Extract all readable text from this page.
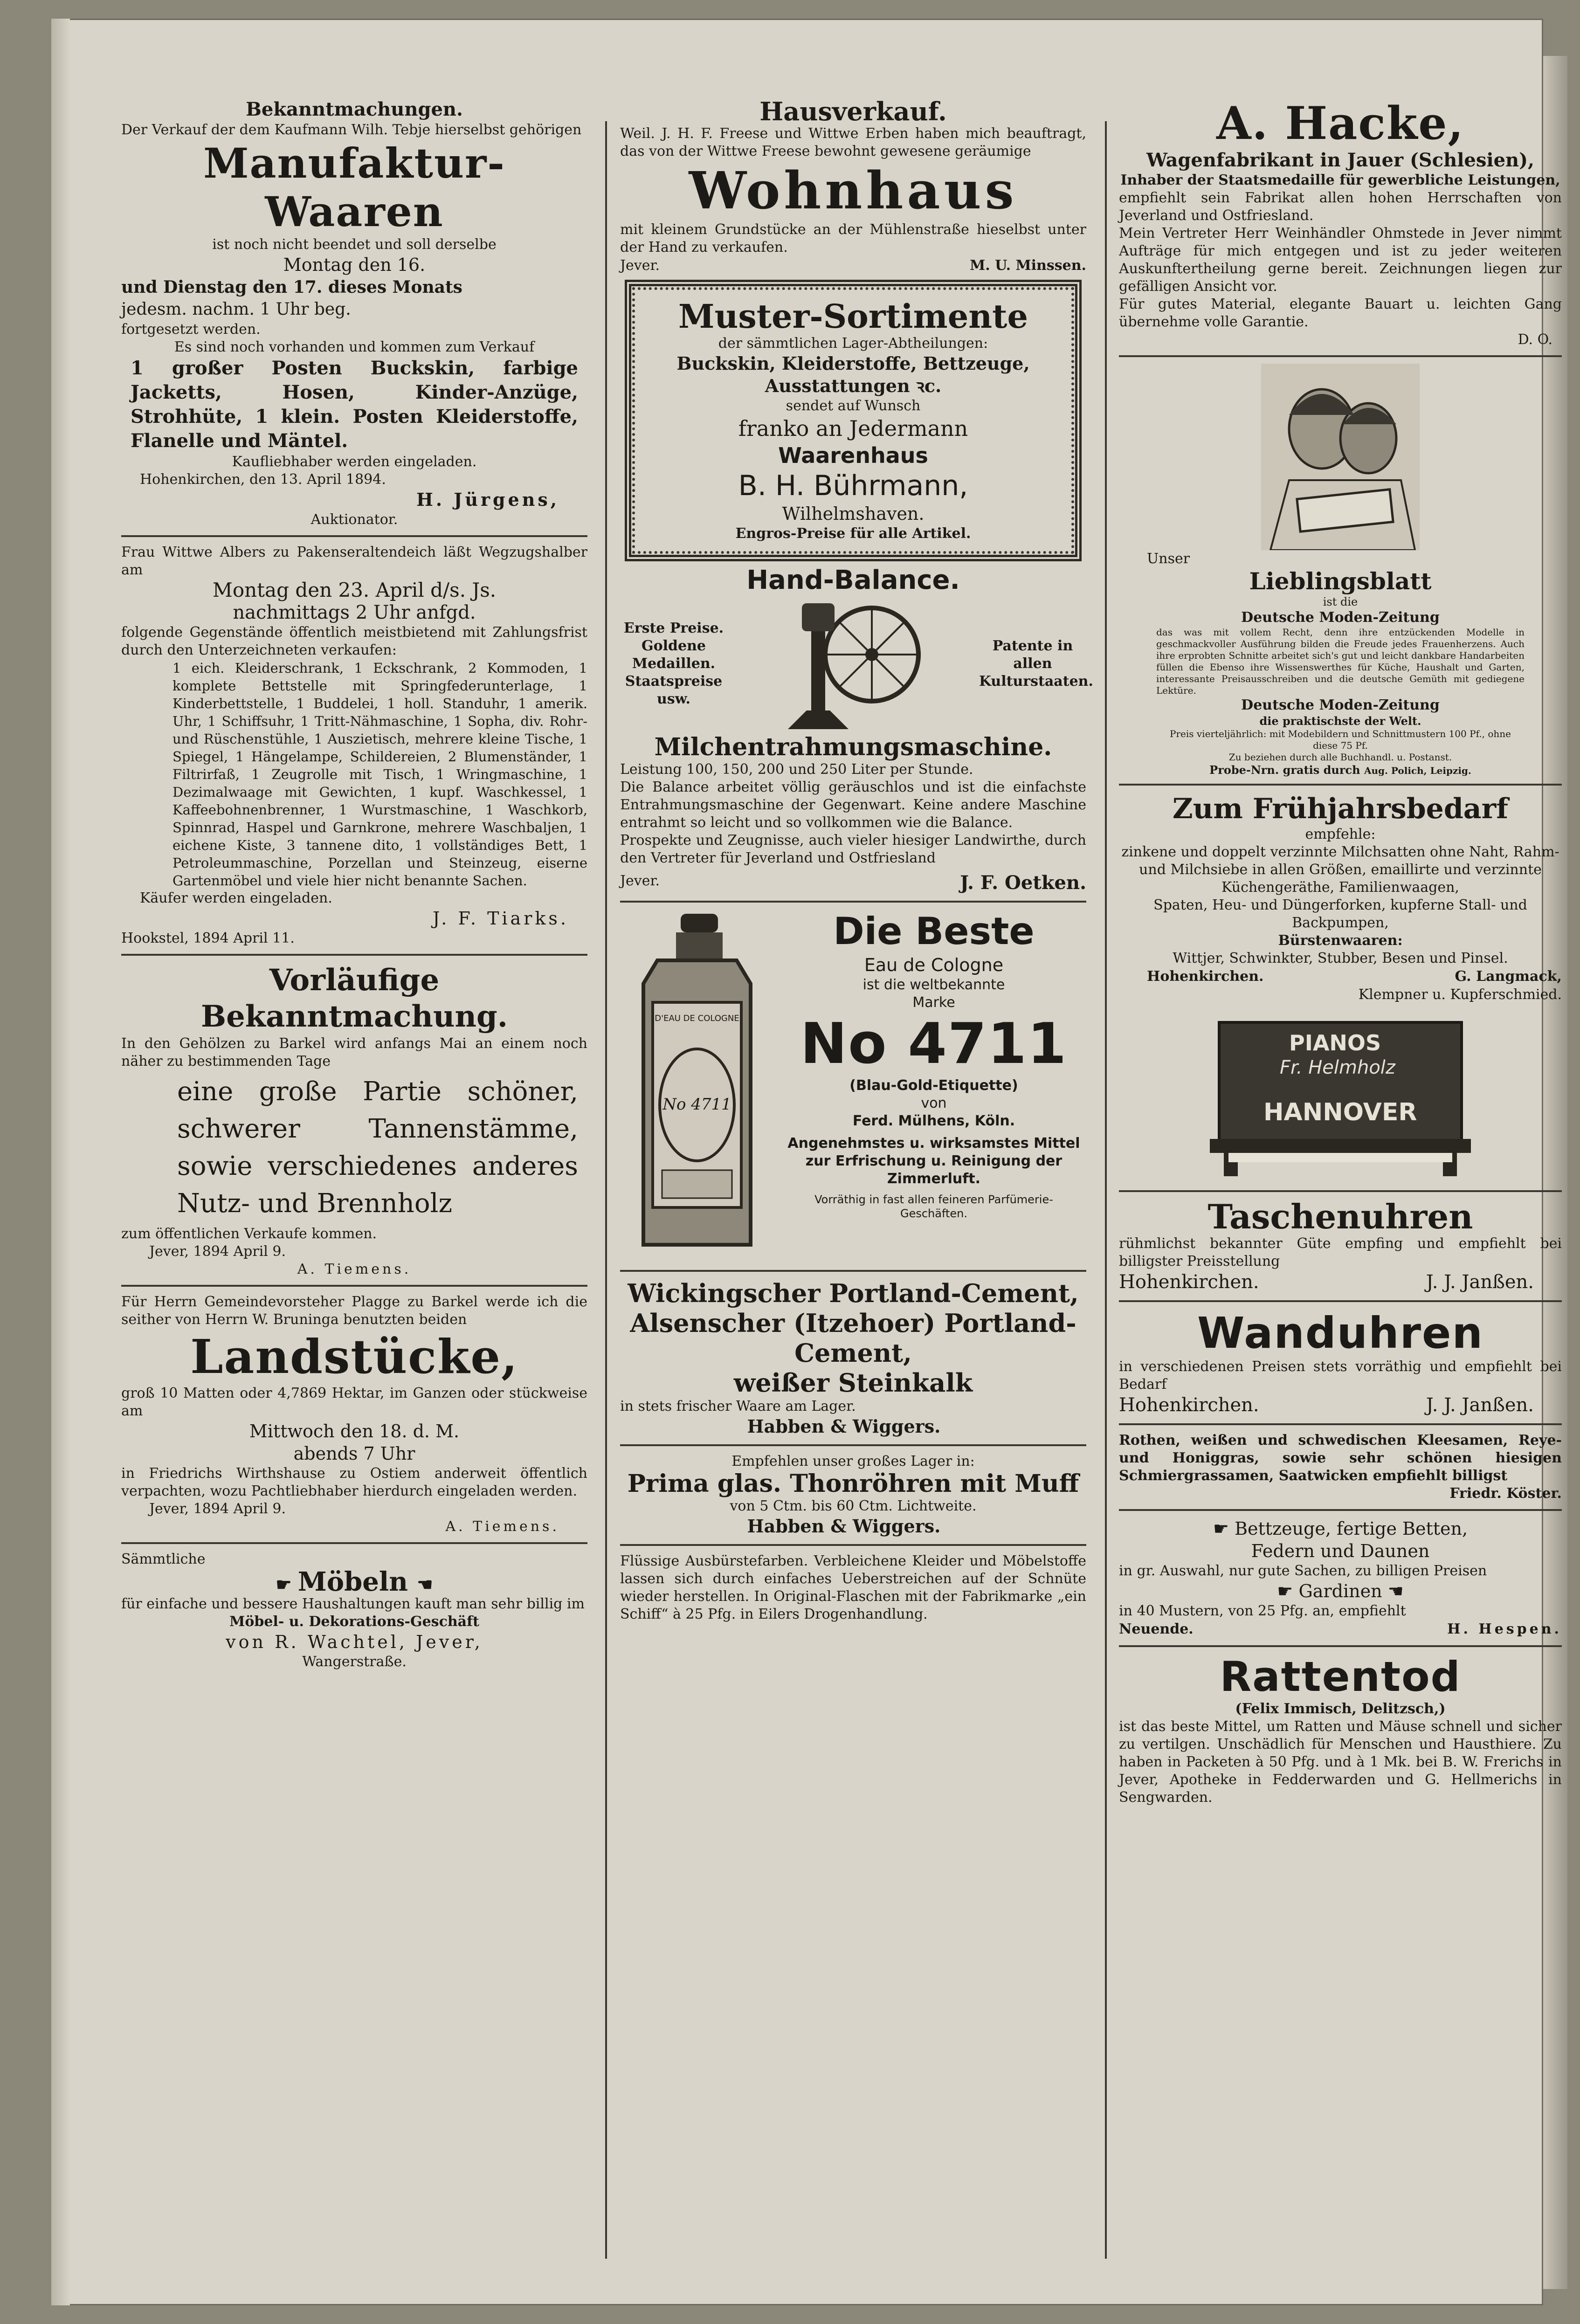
Bekanntmachungen.

Der Verkauf der dem Kaufmann Wilh. Tebje hierselbst gehörigen

Manufaktur-Waaren

ist noch nicht beendet und soll derselbe

Montag den 16.
und Dienstag den 17. dieses Monats
jedesm. nachm. 1 Uhr beg.

fortgesetzt werden.

Es sind noch vorhanden und kommen zum Verkauf

1 großer Posten Buckskin, farbige Jacketts, Hosen, Kinder-Anzüge, Strohhüte, 1 klein. Posten Kleiderstoffe, Flanelle und Mäntel.

Kaufliebhaber werden eingeladen.

Hohenkirchen, den 13. April 1894.

H. Jürgens,

Auktionator.

Frau Wittwe Albers zu Pakenseraltendeich läßt Wegzugshalber am

Montag den 23. April d/s. Js.
nachmittags 2 Uhr anfgd.

folgende Gegenstände öffentlich meistbietend mit Zahlungsfrist durch den Unterzeichneten verkaufen:

1 eich. Kleiderschrank, 1 Eckschrank, 2 Kommoden, 1 komplete Bettstelle mit Springfederunterlage, 1 Kinderbettstelle, 1 Buddelei, 1 holl. Standuhr, 1 amerik. Uhr, 1 Schiffsuhr, 1 Tritt-Nähmaschine, 1 Sopha, div. Rohr- und Rüschenstühle, 1 Auszietisch, mehrere kleine Tische, 1 Spiegel, 1 Hängelampe, Schildereien, 2 Blumenständer, 1 Filtrirfaß, 1 Zeugrolle mit Tisch, 1 Wringmaschine, 1 Dezimalwaage mit Gewichten, 1 kupf. Waschkessel, 1 Kaffeebohnenbrenner, 1 Wurstmaschine, 1 Waschkorb, Spinnrad, Haspel und Garnkrone, mehrere Waschbaljen, 1 eichene Kiste, 3 tannene dito, 1 vollständiges Bett, 1 Petroleummaschine, Porzellan und Steinzeug, eiserne Gartenmöbel und viele hier nicht benannte Sachen.

Käufer werden eingeladen.

J. F. Tiarks.

Hookstel, 1894 April 11.

Vorläufige
Bekanntmachung.

In den Gehölzen zu Barkel wird anfangs Mai an einem noch näher zu bestimmenden Tage

eine große Partie schöner, schwerer Tannenstämme, sowie verschiedenes anderes Nutz- und Brennholz

zum öffentlichen Verkaufe kommen.

Jever, 1894 April 9.

A. Tiemens.

Für Herrn Gemeindevorsteher Plagge zu Barkel werde ich die seither von Herrn W. Bruninga benutzten beiden

Landstücke,

groß 10 Matten oder 4,7869 Hektar, im Ganzen oder stückweise am

Mittwoch den 18. d. M.
abends 7 Uhr

in Friedrichs Wirthshause zu Ostiem anderweit öffentlich verpachten, wozu Pachtliebhaber hierdurch eingeladen werden.

Jever, 1894 April 9.

A. Tiemens.

Sämmtliche

☛ Möbeln ☚

für einfache und bessere Haushaltungen kauft man sehr billig im

Möbel- u. Dekorations-Geschäft

von R. Wachtel, Jever,

Wangerstraße.

Hausverkauf.

Weil. J. H. F. Freese und Wittwe Erben haben mich beauftragt, das von der Wittwe Freese bewohnt gewesene geräumige

Wohnhaus

mit kleinem Grundstücke an der Mühlenstraße hieselbst unter der Hand zu verkaufen.

Jever.	M. U. Minssen.
Muster-Sortimente

der sämmtlichen Lager-Abtheilungen:

Buckskin, Kleiderstoffe, Bettzeuge, Ausstattungen ꝛc.

sendet auf Wunsch

franko an Jedermann

Waarenhaus

B. H. Bührmann,

Wilhelmshaven.

Engros-Preise für alle Artikel.

Hand-Balance.
Erste Preise. Goldene Medaillen. Staatspreise usw.
Patente in allen Kulturstaaten.
Milchentrahmungsmaschine.

Leistung 100, 150, 200 und 250 Liter per Stunde.

Die Balance arbeitet völlig geräuschlos und ist die einfachste Entrahmungsmaschine der Gegenwart. Keine andere Maschine entrahmt so leicht und so vollkommen wie die Balance.

Prospekte und Zeugnisse, auch vieler hiesiger Landwirthe, durch den Vertreter für Jeverland und Ostfriesland

Jever.	J. F. Oetken.
D'EAU DE COLOGNE
No 4711
Die Beste

Eau de Cologne

ist die weltbekannte

Marke

No 4711

(Blau-Gold-Etiquette)

von

Ferd. Mülhens, Köln.

Angenehmstes u. wirksamstes Mittel zur Erfrischung u. Reinigung der Zimmerluft.

Vorräthig in fast allen feineren Parfümerie-Geschäften.

Wickingscher Portland-Cement,

Alsenscher (Itzehoer) Portland-Cement,

weißer Steinkalk

in stets frischer Waare am Lager.

Habben & Wiggers.

Empfehlen unser großes Lager in:

Prima glas. Thonröhren mit Muff

von 5 Ctm. bis 60 Ctm. Lichtweite.

Habben & Wiggers.

Flüssige Ausbürstefarben. Verbleichene Kleider und Möbelstoffe lassen sich durch einfaches Ueberstreichen auf der Schnüte wieder herstellen. In Original-Flaschen mit der Fabrikmarke „ein Schiff“ à 25 Pfg. in Eilers Drogenhandlung.

A. Hacke,

Wagenfabrikant in Jauer (Schlesien),

Inhaber der Staatsmedaille für gewerbliche Leistungen,

empfiehlt sein Fabrikat allen hohen Herrschaften von Jeverland und Ostfriesland.

Mein Vertreter Herr Weinhändler Ohmstede in Jever nimmt Aufträge für mich entgegen und ist zu jeder weiteren Auskunftertheilung gerne bereit. Zeichnungen liegen zur gefälligen Ansicht vor.

Für gutes Material, elegante Bauart u. leichten Gang übernehme volle Garantie.

D. O.

Unser

Lieblingsblatt

ist die

Deutsche Moden-Zeitung

das was mit vollem Recht, denn ihre entzückenden Modelle in geschmackvoller Ausführung bilden die Freude jedes Frauenherzens. Auch ihre erprobten Schnitte arbeitet sich's gut und leicht dankbare Handarbeiten füllen die Ebenso ihre Wissenswerthes für Küche, Haushalt und Garten, interessante Preisausschreiben und die deutsche Gemüth mit gediegene Lektüre.

Deutsche Moden-Zeitung

die praktischste der Welt.

Preis vierteljährlich: mit Modebildern und Schnittmustern 100 Pf., ohne diese 75 Pf.

Zu beziehen durch alle Buchhandl. u. Postanst.

Probe-Nrn. gratis durch Aug. Polich, Leipzig.

Zum Frühjahrsbedarf

empfehle:

zinkene und doppelt verzinnte Milchsatten ohne Naht, Rahm- und Milchsiebe in allen Größen, emaillirte und verzinnte Küchengeräthe, Familienwaagen,

Spaten, Heu- und Düngerforken, kupferne Stall- und Backpumpen,

Bürstenwaaren:

Wittjer, Schwinkter, Stubber, Besen und Pinsel.

Hohenkirchen.	G. Langmack,

Klempner u. Kupferschmied.

PIANOS
Fr. Helmholz
HANNOVER
Taschenuhren

rühmlichst bekannter Güte empfing und empfiehlt bei billigster Preisstellung

Hohenkirchen.	J. J. Janßen.
Wanduhren

in verschiedenen Preisen stets vorräthig und empfiehlt bei Bedarf

Hohenkirchen.	J. J. Janßen.

Rothen, weißen und schwedischen Kleesamen, Reye- und Honiggras, sowie sehr schönen hiesigen Schmiergrassamen, Saatwicken empfiehlt billigst

Friedr. Köster.

☛ Bettzeuge, fertige Betten,

Federn und Daunen

in gr. Auswahl, nur gute Sachen, zu billigen Preisen

☛ Gardinen ☚

in 40 Mustern, von 25 Pfg. an, empfiehlt

Neuende.	H. Hespen.
Rattentod

(Felix Immisch, Delitzsch,)

ist das beste Mittel, um Ratten und Mäuse schnell und sicher zu vertilgen. Unschädlich für Menschen und Hausthiere. Zu haben in Packeten à 50 Pfg. und à 1 Mk. bei B. W. Frerichs in Jever, Apotheke in Fedderwarden und G. Hellmerichs in Sengwarden.
